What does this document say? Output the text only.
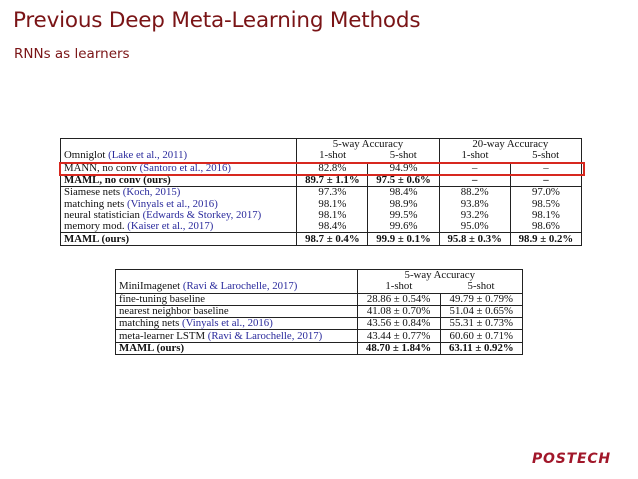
Previous Deep Meta-Learning Methods
RNNs as learners
	5-way Accuracy		20-way Accuracy	
Omniglot (Lake et al., 2011)	1-shot	5-shot	1-shot	5-shot
MANN, no conv (Santoro et al., 2016)	82.8%	94.9%	–	–
MAML, no conv (ours)	89.7 ± 1.1%	97.5 ± 0.6%	–	–
Siamese nets (Koch, 2015)	97.3%	98.4%	88.2%	97.0%
matching nets (Vinyals et al., 2016)	98.1%	98.9%	93.8%	98.5%
neural statistician (Edwards & Storkey, 2017)	98.1%	99.5%	93.2%	98.1%
memory mod. (Kaiser et al., 2017)	98.4%	99.6%	95.0%	98.6%
MAML (ours)	98.7 ± 0.4%	99.9 ± 0.1%	95.8 ± 0.3%	98.9 ± 0.2%
	5-way Accuracy	
MiniImagenet (Ravi & Larochelle, 2017)	1-shot	5-shot
fine-tuning baseline	28.86 ± 0.54%	49.79 ± 0.79%
nearest neighbor baseline	41.08 ± 0.70%	51.04 ± 0.65%
matching nets (Vinyals et al., 2016)	43.56 ± 0.84%	55.31 ± 0.73%
meta-learner LSTM (Ravi & Larochelle, 2017)	43.44 ± 0.77%	60.60 ± 0.71%
MAML (ours)	48.70 ± 1.84%	63.11 ± 0.92%
POSTECH
